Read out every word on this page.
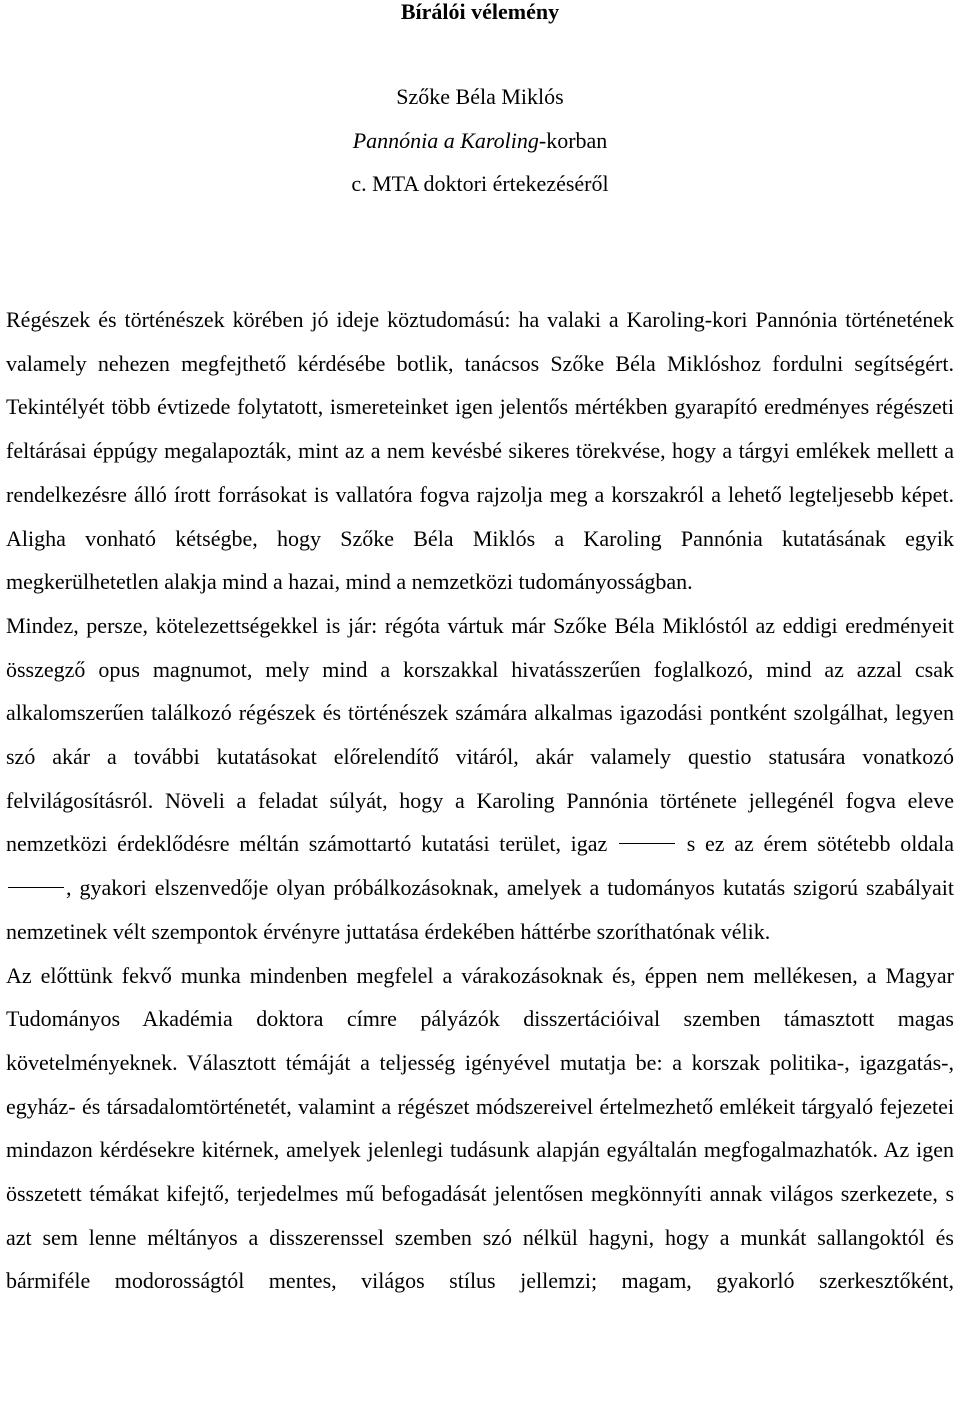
Bírálói vélemény
Szőke Béla Miklós
Pannónia a Karoling-korban
c. MTA doktori értekezéséről

Régészek és történészek körében jó ideje köztudomású: ha valaki a Karoling-kori Pannónia történetének valamely nehezen megfejthető kérdésébe botlik, tanácsos Szőke Béla Miklóshoz fordulni segítségért. Tekintélyét több évtizede folytatott, ismereteinket igen jelentős mértékben gyarapító eredményes régészeti feltárásai éppúgy megalapozták, mint az a nem kevésbé sikeres törekvése, hogy a tárgyi emlékek mellett a rendelkezésre álló írott forrásokat is vallatóra fogva rajzolja meg a korszakról a lehető legteljesebb képet. Aligha vonható kétségbe, hogy Szőke Béla Miklós a Karoling Pannónia kutatásának egyik megkerülhetetlen alakja mind a hazai, mind a nemzetközi tudományosságban.

Mindez, persze, kötelezettségekkel is jár: régóta vártuk már Szőke Béla Miklóstól az eddigi eredményeit összegző opus magnumot, mely mind a korszakkal hivatásszerűen foglalkozó, mind az azzal csak alkalomszerűen találkozó régészek és történészek számára alkalmas igazodási pontként szolgálhat, legyen szó akár a további kutatásokat előrelendítő vitáról, akár valamely questio statusára vonatkozó felvilágosításról. Növeli a feladat súlyát, hogy a Karoling Pannónia története jellegénél fogva eleve nemzetközi érdeklődésre méltán számottartó kutatási terület, igaz	s ez az érem sötétebb oldala , gyakori elszenvedője olyan próbálkozásoknak, amelyek a tudományos kutatás szigorú szabályait nemzetinek vélt szempontok érvényre juttatása érdekében háttérbe szoríthatónak vélik.

Az előttünk fekvő munka mindenben megfelel a várakozásoknak és, éppen nem mellékesen, a Magyar Tudományos Akadémia doktora címre pályázók disszertációival szemben támasztott magas követelményeknek. Választott témáját a teljesség igényével mutatja be: a korszak politika-, igazgatás-, egyház- és társadalomtörténetét, valamint a régészet módszereivel értelmezhető emlékeit tárgyaló fejezetei mindazon kérdésekre kitérnek, amelyek jelenlegi tudásunk alapján egyáltalán megfogalmazhatók. Az igen összetett témákat kifejtő, terjedelmes mű befogadását jelentősen megkönnyíti annak világos szerkezete, s azt sem lenne méltányos a disszerenssel szemben szó nélkül hagyni, hogy a munkát sallangoktól és bármiféle modorosságtól mentes, világos stílus jellemzi; magam, gyakorló szerkesztőként,
